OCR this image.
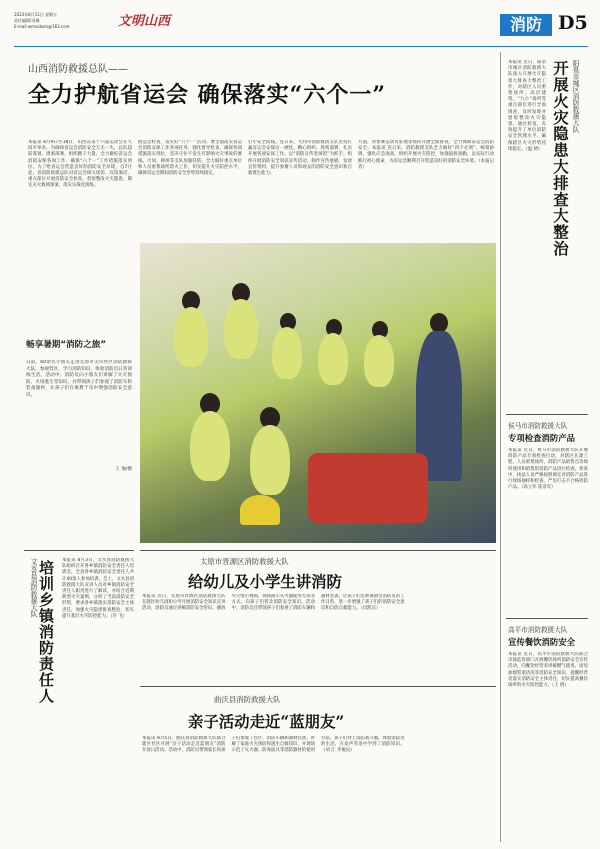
2023年8月11日 星期五
责任编辑/刘琳
E-mail:wmsxbsm@163.com	文明山西	消防 D5
山西消防救援总队——
全力护航省运会 确保落实“六个一”
本报讯 8月9日至18日，山西省第十六届运动会在大同市举办。为确保省运会消防安全万无一失，总队超前谋划、周密部署，组织精干力量，全力做好省运会消防安保各项工作，确保“六个一”工作措施落实到位。为了给省运会营造良好的消防安全环境，自7月起，省消防救援总队对省运会相关场馆、宾馆酒店、重点部位开展消防安全检查，督促整改火灾隐患，制定灭火救援预案，落实实战化演练。
展运会检查，落实好“六个一”活动。要全面落实省运会消防安保工作各项任务，强化督导检查，确保各项措施落实到位，坚决守住不发生有影响火灾事故的底线。大同、朔州等支队加强驻防，全力做好重点单位和人员密集场所防火工作，切实提升火灾防控水平，确保省运会期间消防安全形势持续稳定。
打牢安全防线。连日来，大同市消防救援支队坚持打赢省运会安保这一硬仗，精心组织、周密部署，扎实开展各项安保工作。以“消防宣传进场馆”为抓手，组织开展消防安全知识宣传活动，制作宣传展板，发放宣传资料，提升参赛人员和观众的消防安全意识和自救逃生能力。
方面，对参赛运动员驻地等场所开展全面排查，全力保障省运会消防安全。本报讯 连日来，消防救援支队全力做好“四个必须”，统筹协调，强化应急准备，组织开展火灾防控，加强值班备勤，以实际行动践行初心使命，为省运会顺利召开创造良好的消防安全环境。（本报记者）
畅享暑期“消防之旅”
日前，60余名小朋友走进太原市尖草坪区消防救援大队，参观营区、学习消防知识、体验消防员日常训练生活。活动中，消防员向小朋友们讲解了火灾预防、火场逃生等知识，并带领孩子们参观了消防车和装备器材，让孩子们在寓教于乐中增强消防安全意识。
王 瑜/摄
文水县消防救援大队 培训乡镇消防责任人	本报讯 8月3日，文水县消防救援大队组织召开各乡镇消防安全责任人培训会，全县各乡镇消防安全责任人共计40余人参加培训。会上，文水县消防救援大队宣讲人员对乡镇消防安全责任人职责进行了解读，并结合近期典型火灾案例，分析了当前消防安全形势，要求各乡镇落实消防安全主体责任，加强火灾隐患排查整治，切实提升基层火灾防控能力。（许 飞）
太原市晋源区消防救援大队
给幼儿及小学生讲消防
本报讯 近日，太原市晋源区消防救援大队在辖区幼儿园和小学开展消防安全知识宣讲活动，消防员通过讲解消防安全常识、播放火灾警示视频、现场演示灭火器使用方法等方式，向孩子们普及消防安全知识。活动中，消防员还带领孩子们参观了消防车辆和器材装备，让孩子们近距离感受消防员的工作日常，进一步增强了孩子们的消防安全意识和自防自救能力。（闫凯宾）
曲沃县消防救援大队
亲子活动走近“蓝朋友”
本报讯 8月5日，曲沃县消防救援大队联合辖区社区开展“亲子活动走近蓝朋友”消防开放日活动。活动中，消防员带领家长和孩子们参观了营区、消防车辆和器材装备，讲解了家庭火灾预防和逃生自救知识，并现场示范了灭火器、防毒面具等消防器材的使用方法。孩子们穿上消防战斗服，体验消防员的生活，在欢声笑语中学到了消防知识。（刘 江 李俊良）
阳泉市城区消防救援大队
开展火灾隐患大排查大整治
本报讯 近日，阳泉市城区消防救援大队深入开展火灾隐患大排查大整治工作，对辖区人员密集场所、高层建筑、“九小”场所等重点部位进行全面排查，及时发现并督促整改火灾隐患。通过检查，有效提升了单位消防安全管理水平，确保辖区火灾形势持续稳定。（温 婧）
侯马市消防救援大队
专项检查消防产品
本报讯 近日，侯马市消防救援大队开展消防产品专项检查行动，对辖区在建工程、人员密集场所、消防产品销售点等场所使用和销售的消防产品进行检查。检查中，执法人员严格按照规定对消防产品进行现场抽样和检查，严厉打击不合格消防产品。（高立军 崔彦军）
高平市消防救援大队
宣传餐饮消防安全
本报讯 近日，高平市消防救援大队联合市场监管部门开展餐饮场所消防安全宣传活动，向餐饮经营者讲解燃气使用、厨房油烟管道清洗等消防安全知识，提醒经营者落实消防安全主体责任，切实提高餐饮场所的火灾防控能力。（王 倩）
